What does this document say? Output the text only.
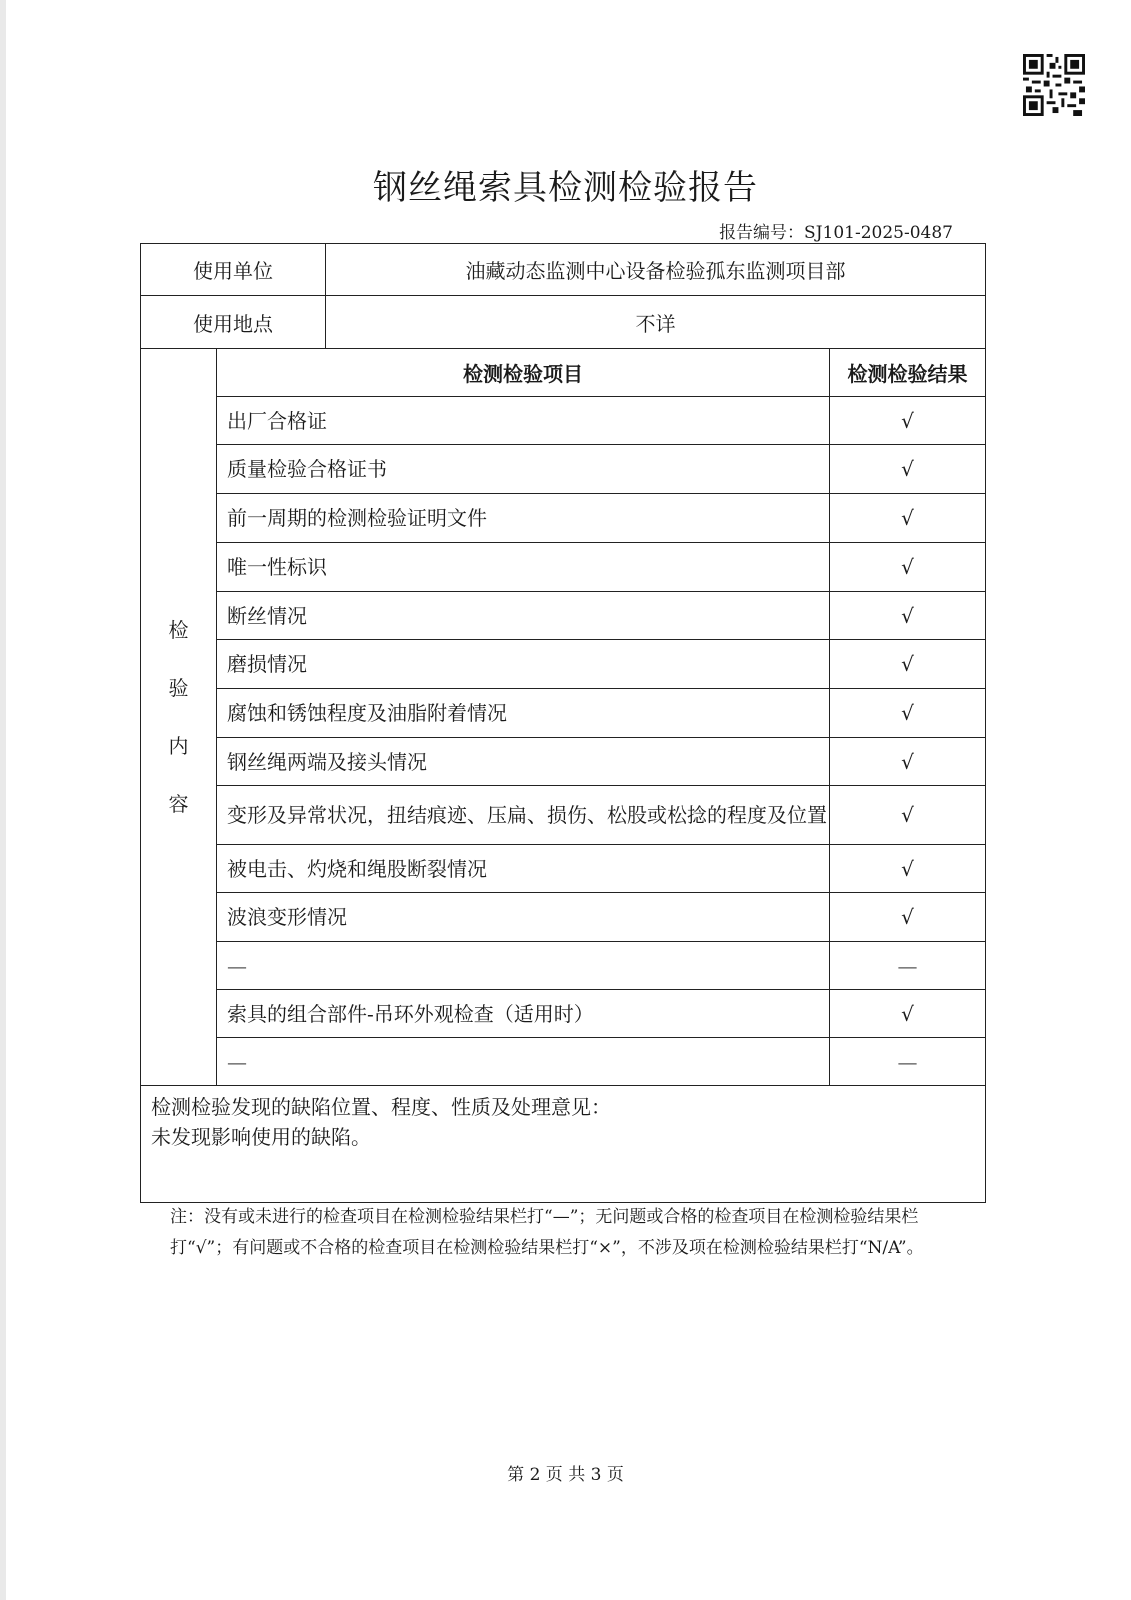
⠀
钢丝绳索具检测检验报告
报告编号：SJ101-2025-0487
使用单位		油藏动态监测中心设备检验孤东监测项目部	
使用地点		不详	

检
验
内
容	检测检验项目		检测检验结果
	出厂合格证		√
	质量检验合格证书		√
	前一周期的检测检验证明文件		√
	唯一性标识		√
	断丝情况		√
	磨损情况		√
	腐蚀和锈蚀程度及油脂附着情况		√
	钢丝绳两端及接头情况		√
	变形及异常状况，扭结痕迹、压扁、损伤、松股或松捻的程度及位置		√
	被电击、灼烧和绳股断裂情况		√
	波浪变形情况		√
	—		—
	索具的组合部件-吊环外观检查（适用时）		√
	—		—

检测检验发现的缺陷位置、程度、性质及处理意见：
未发现影响使用的缺陷。			
注：没有或未进行的检查项目在检测检验结果栏打“—”；无问题或合格的检查项目在检测检验结果栏打“√”；有问题或不合格的检查项目在检测检验结果栏打“×”，不涉及项在检测检验结果栏打“N/A”。
第 2 页 共 3 页
